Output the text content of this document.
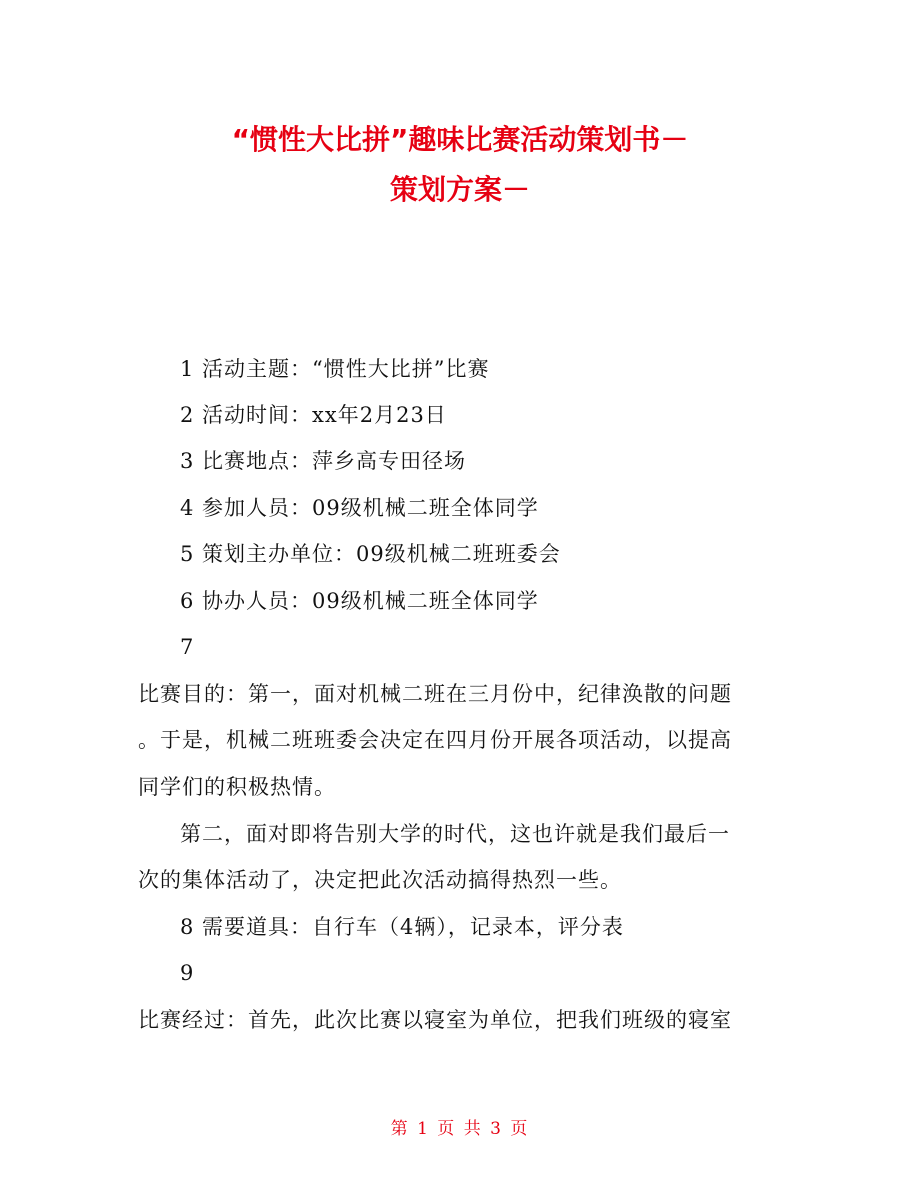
“惯性大比拼”趣味比赛活动策划书－
策划方案－
1 活动主题：“惯性大比拼”比赛
2 活动时间：xx年2月23日
3 比赛地点：萍乡高专田径场
4 参加人员：09级机械二班全体同学
5 策划主办单位：09级机械二班班委会
6 协办人员：09级机械二班全体同学
7
比赛目的：第一，面对机械二班在三月份中，纪律涣散的问题
。于是，机械二班班委会决定在四月份开展各项活动，以提高
同学们的积极热情。
第二，面对即将告别大学的时代，这也许就是我们最后一
次的集体活动了，决定把此次活动搞得热烈一些。
8 需要道具：自行车（4辆），记录本，评分表
9
比赛经过：首先，此次比赛以寝室为单位，把我们班级的寝室
第 1 页 共 3 页
